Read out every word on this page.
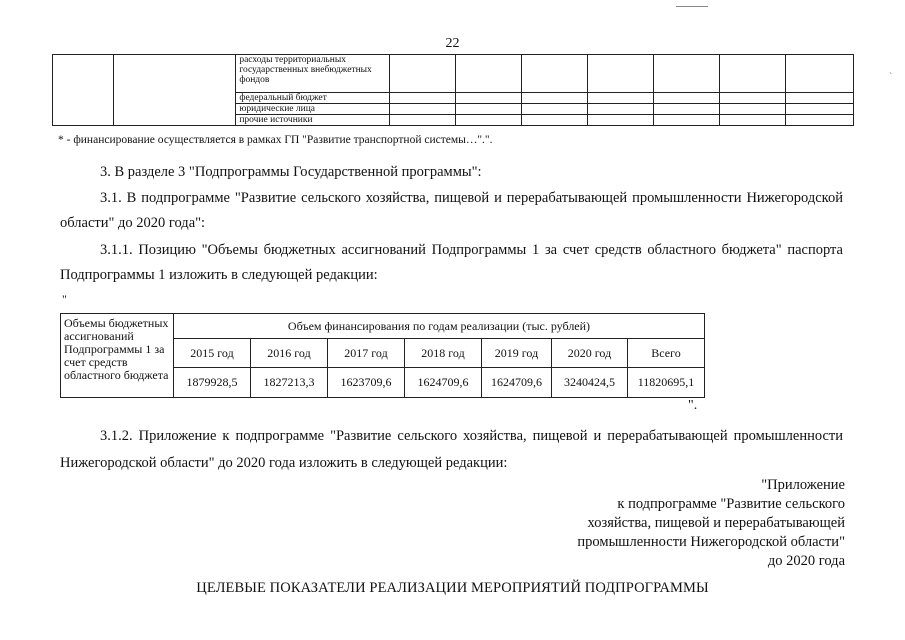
`
22
		расходы территориальных государственных внебюджетных фондов							
		федеральный бюджет							
		юридические лица							
		прочие источники							
* - финансирование осуществляется в рамках ГП "Развитие транспортной системы…".".
3. В разделе 3 "Подпрограммы Государственной программы":
3.1. В подпрограмме "Развитие сельского хозяйства, пищевой и перерабатывающей промышленности Нижегородской области" до 2020 года":
3.1.1. Позицию "Объемы бюджетных ассигнований Подпрограммы 1 за счет средств областного бюджета" паспорта Подпрограммы 1 изложить в следующей редакции:
"
Объемы бюджетных ассигнований Подпрограммы 1 за счет средств областного бюджета	Объем финансирования по годам реализации (тыс. рублей)						
	2015 год	2016 год	2017 год	2018 год	2019 год	2020 год	Всего
	1879928,5	1827213,3	1623709,6	1624709,6	1624709,6	3240424,5	11820695,1
".
3.1.2. Приложение к подпрограмме "Развитие сельского хозяйства, пищевой и перерабатывающей промышленности Нижегородской области" до 2020 года изложить в следующей редакции:
"Приложение
к подпрограмме "Развитие сельского
хозяйства, пищевой и перерабатывающей
промышленности Нижегородской области"
до 2020 года
ЦЕЛЕВЫЕ ПОКАЗАТЕЛИ РЕАЛИЗАЦИИ МЕРОПРИЯТИЙ ПОДПРОГРАММЫ
